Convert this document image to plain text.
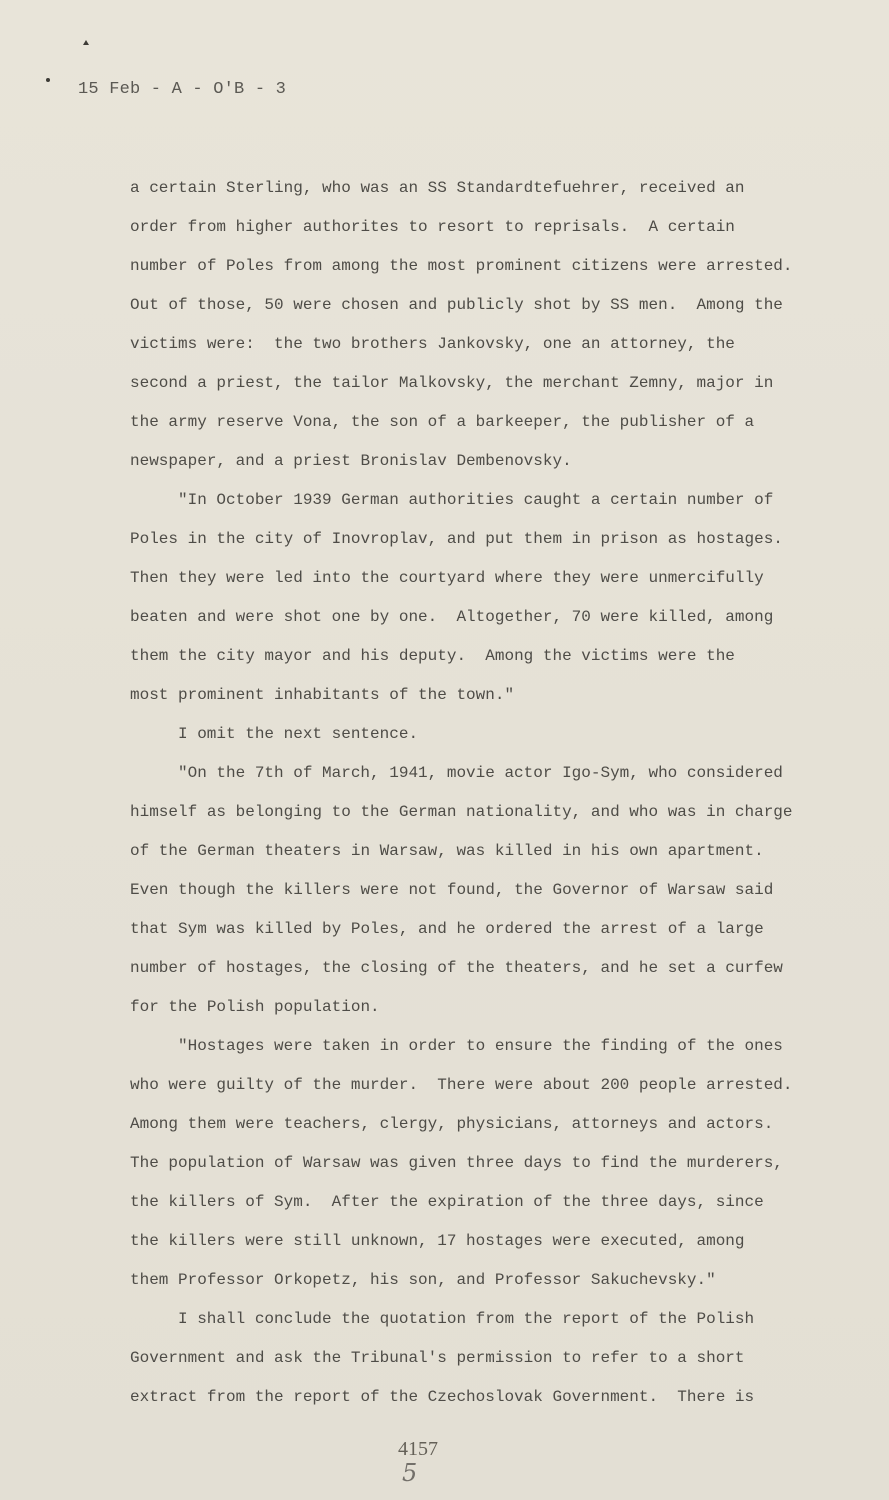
15 Feb - A - O'B - 3
a certain Sterling, who was an SS Standardtefuehrer, received an
order from higher authorites to resort to reprisals.  A certain
number of Poles from among the most prominent citizens were arrested.
Out of those, 50 were chosen and publicly shot by SS men.  Among the
victims were:  the two brothers Jankovsky, one an attorney, the
second a priest, the tailor Malkovsky, the merchant Zemny, major in
the army reserve Vona, the son of a barkeeper, the publisher of a
newspaper, and a priest Bronislav Dembenovsky.
"In October 1939 German authorities caught a certain number of
Poles in the city of Inovroplav, and put them in prison as hostages.
Then they were led into the courtyard where they were unmercifully
beaten and were shot one by one.  Altogether, 70 were killed, among
them the city mayor and his deputy.  Among the victims were the
most prominent inhabitants of the town."
I omit the next sentence.
"On the 7th of March, 1941, movie actor Igo-Sym, who considered
himself as belonging to the German nationality, and who was in charge
of the German theaters in Warsaw, was killed in his own apartment.
Even though the killers were not found, the Governor of Warsaw said
that Sym was killed by Poles, and he ordered the arrest of a large
number of hostages, the closing of the theaters, and he set a curfew
for the Polish population.
"Hostages were taken in order to ensure the finding of the ones
who were guilty of the murder.  There were about 200 people arrested.
Among them were teachers, clergy, physicians, attorneys and actors.
The population of Warsaw was given three days to find the murderers,
the killers of Sym.  After the expiration of the three days, since
the killers were still unknown, 17 hostages were executed, among
them Professor Orkopetz, his son, and Professor Sakuchevsky."
I shall conclude the quotation from the report of the Polish
Government and ask the Tribunal's permission to refer to a short
extract from the report of the Czechoslovak Government.  There is
4157
5
